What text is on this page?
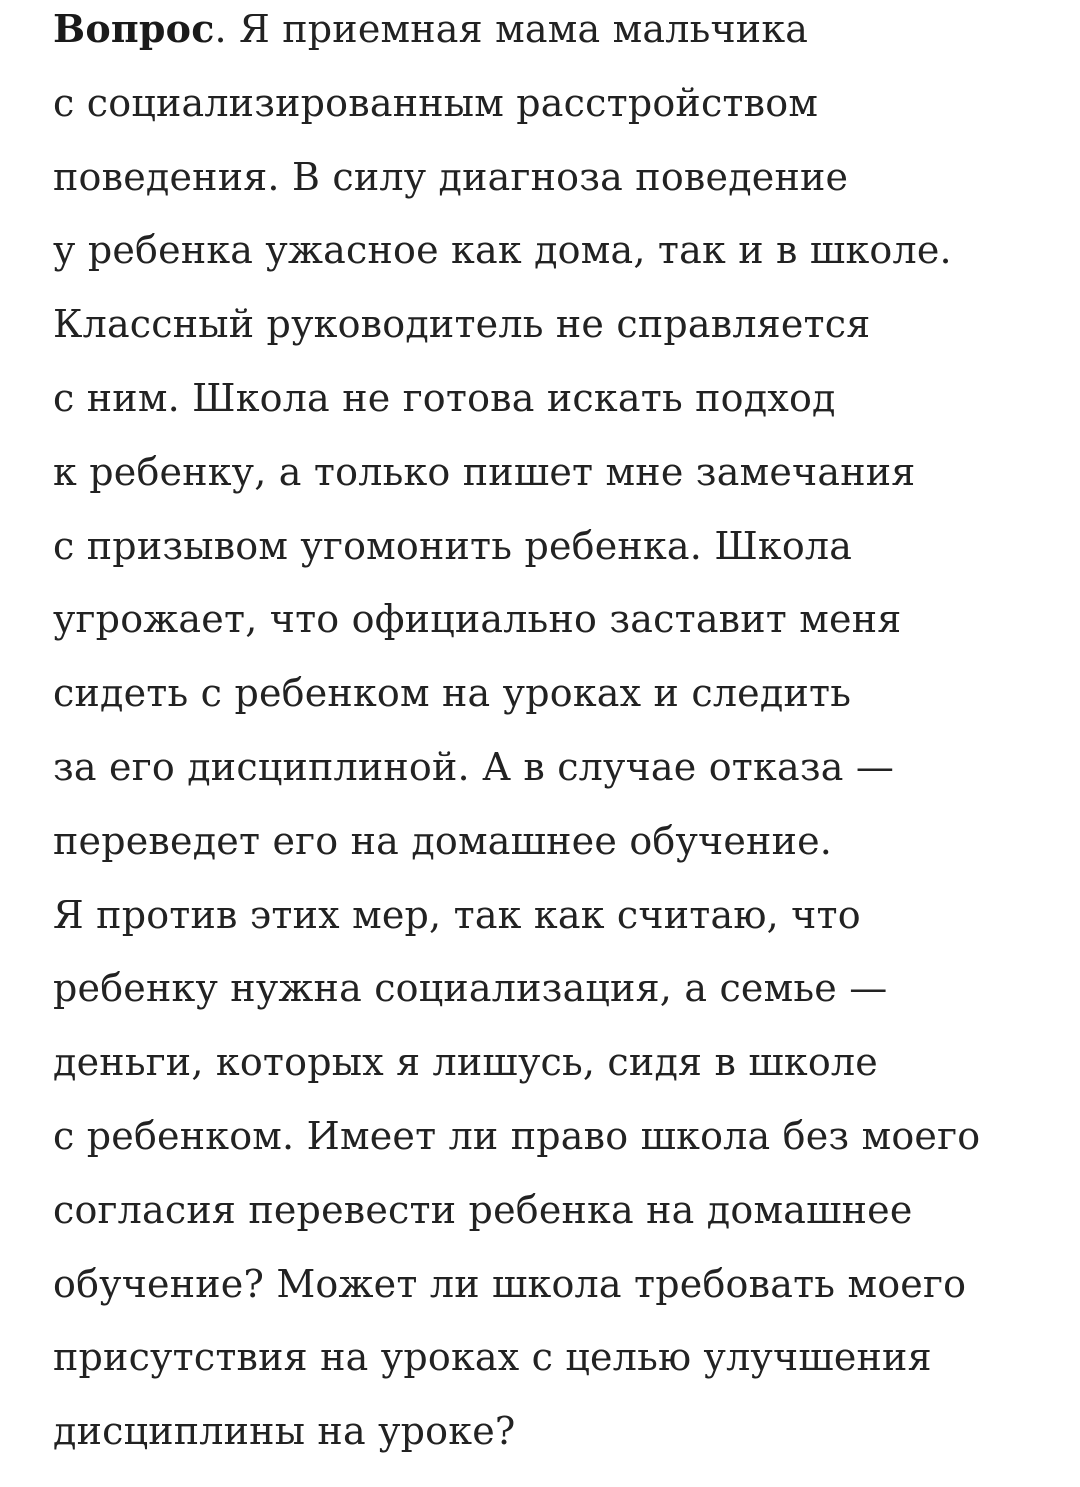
Вопрос. Я приемная мама мальчика
с социализированным расстройством
поведения. В силу диагноза поведение
у ребенка ужасное как дома, так и в школе.
Классный руководитель не справляется
с ним. Школа не готова искать подход
к ребенку, а только пишет мне замечания
с призывом угомонить ребенка. Школа
угрожает, что официально заставит меня
сидеть с ребенком на уроках и следить
за его дисциплиной. А в случае отказа —
переведет его на домашнее обучение.
Я против этих мер, так как считаю, что
ребенку нужна социализация, а семье —
деньги, которых я лишусь, сидя в школе
с ребенком. Имеет ли право школа без моего
согласия перевести ребенка на домашнее
обучение? Может ли школа требовать моего
присутствия на уроках с целью улучшения
дисциплины на уроке?
